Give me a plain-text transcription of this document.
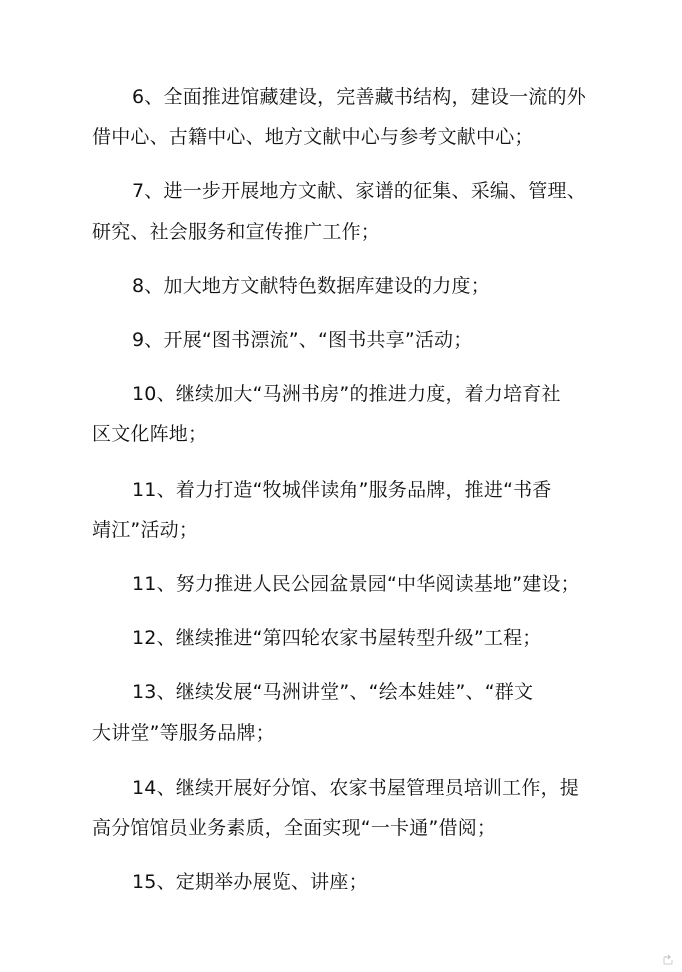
6、全面推进馆藏建设，完善藏书结构，建设一流的外
借中心、古籍中心、地方文献中心与参考文献中心；
7、进一步开展地方文献、家谱的征集、采编、管理、
研究、社会服务和宣传推广工作；
8、加大地方文献特色数据库建设的力度；
9、开展“图书漂流”、“图书共享”活动；
10、继续加大“马洲书房”的推进力度，着力培育社
区文化阵地；
11、着力打造“牧城伴读角”服务品牌，推进“书香
靖江”活动；
11、努力推进人民公园盆景园“中华阅读基地”建设；
12、继续推进“第四轮农家书屋转型升级”工程；
13、继续发展“马洲讲堂”、“绘本娃娃”、“群文
大讲堂”等服务品牌；
14、继续开展好分馆、农家书屋管理员培训工作，提
高分馆馆员业务素质，全面实现“一卡通”借阅；
15、定期举办展览、讲座；
